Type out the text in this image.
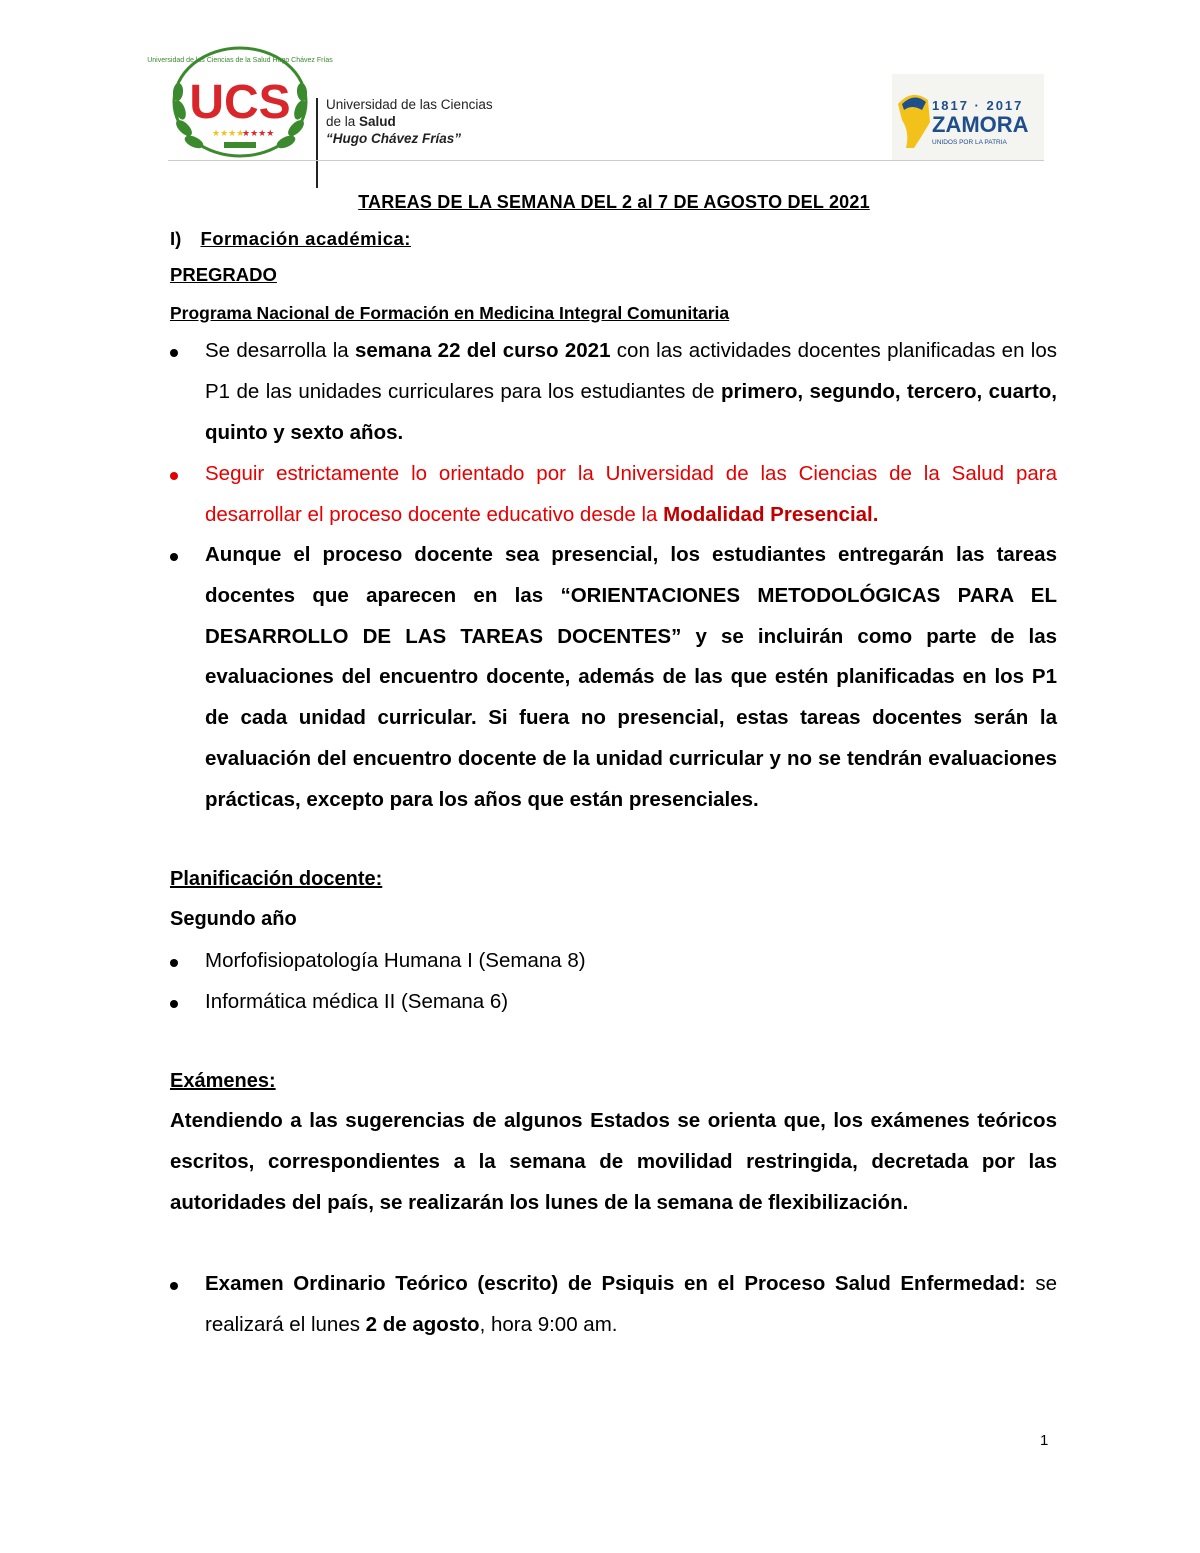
Universidad de las Ciencias de la Salud Hugo Chávez Frías
UCS
★★★★
★★★★
Universidad de las Ciencias
de la Salud
“Hugo Chávez Frías”
1817 · 2017
ZAMORA
UNIDOS POR LA PATRIA
TAREAS DE LA SEMANA DEL 2 al 7 DE AGOSTO DEL 2021
I) Formación académica:
PREGRADO
Programa Nacional de Formación en Medicina Integral Comunitaria
Se desarrolla la semana 22 del curso 2021 con las actividades docentes planificadas en los P1 de las unidades curriculares para los estudiantes de primero, segundo, tercero, cuarto, quinto y sexto años.
Seguir estrictamente lo orientado por la Universidad de las Ciencias de la Salud para desarrollar el proceso docente educativo desde la Modalidad Presencial.
Aunque el proceso docente sea presencial, los estudiantes entregarán las tareas docentes que aparecen en las “ORIENTACIONES METODOLÓGICAS PARA EL DESARROLLO DE LAS TAREAS DOCENTES” y se incluirán como parte de las evaluaciones del encuentro docente, además de las que estén planificadas en los P1 de cada unidad curricular. Si fuera no presencial, estas tareas docentes serán la evaluación del encuentro docente de la unidad curricular y no se tendrán evaluaciones prácticas, excepto para los años que están presenciales.
Planificación docente:
Segundo año
Morfofisiopatología Humana I (Semana 8)
Informática médica II (Semana 6)
Exámenes:
Atendiendo a las sugerencias de algunos Estados se orienta que, los exámenes teóricos escritos, correspondientes a la semana de movilidad restringida, decretada por las autoridades del país, se realizarán los lunes de la semana de flexibilización.
Examen Ordinario Teórico (escrito) de Psiquis en el Proceso Salud Enfermedad: se realizará el lunes 2 de agosto, hora 9:00 am.
1
